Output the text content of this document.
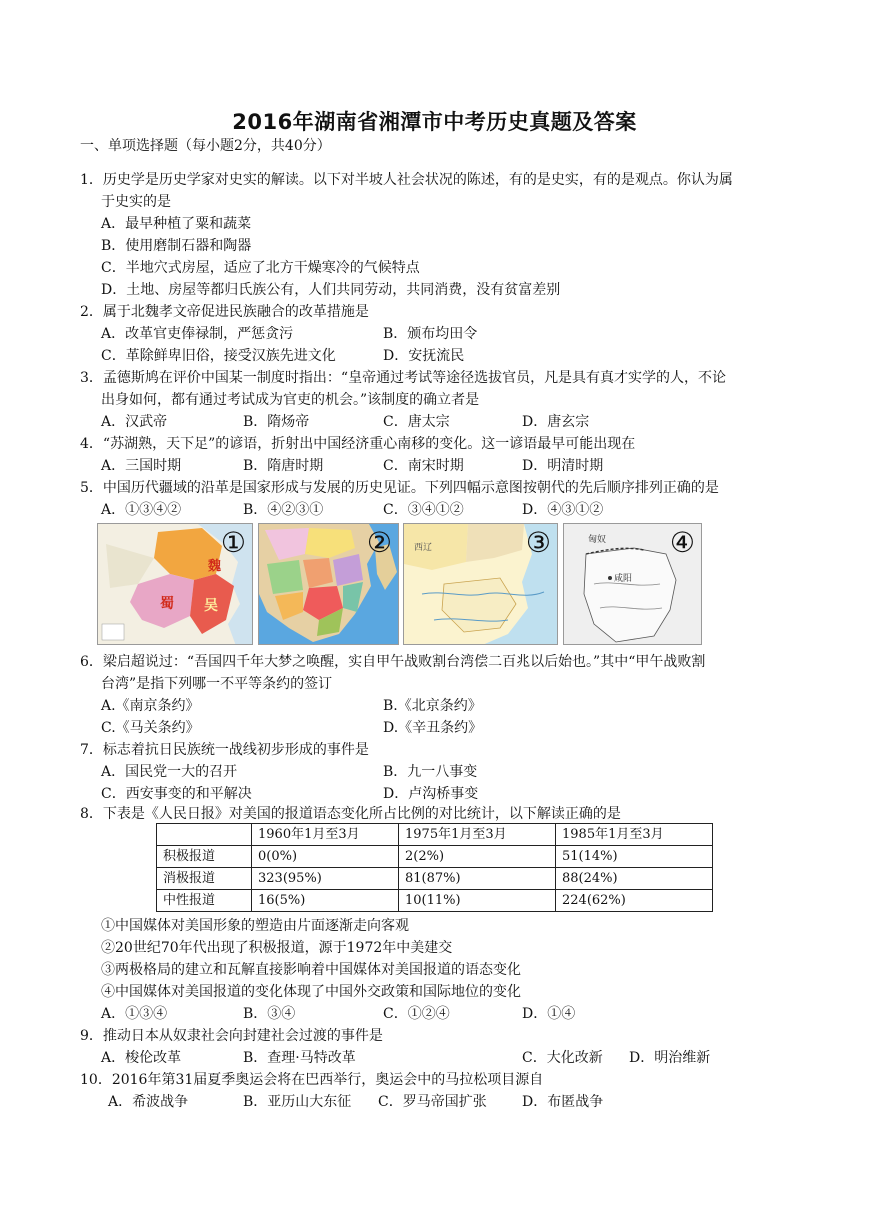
2016年湖南省湘潭市中考历史真题及答案
一、单项选择题（每小题2分，共40分）
1．历史学是历史学家对史实的解读。以下对半坡人社会状况的陈述，有的是史实，有的是观点。你认为属
于史实的是
A．最早种植了粟和蔬菜
B．使用磨制石器和陶器
C．半地穴式房屋，适应了北方干燥寒冷的气候特点
D．土地、房屋等都归氏族公有，人们共同劳动，共同消费，没有贫富差别
2．属于北魏孝文帝促进民族融合的改革措施是
A．改革官吏俸禄制，严惩贪污	B．颁布均田令
C．革除鲜卑旧俗，接受汉族先进文化	D．安抚流民
3．孟德斯鸠在评价中国某一制度时指出：“皇帝通过考试等途径选拔官员，凡是具有真才实学的人，不论
出身如何，都有通过考试成为官吏的机会。”该制度的确立者是
A．汉武帝	B．隋炀帝	C．唐太宗	D．唐玄宗
4．“苏湖熟，天下足”的谚语，折射出中国经济重心南移的变化。这一谚语最早可能出现在
A．三国时期	B．隋唐时期	C．南宋时期	D．明清时期
5．中国历代疆域的沿革是国家形成与发展的历史见证。下列四幅示意图按朝代的先后顺序排列正确的是
A．①③④②	B．④②③①	C．③④①②	D．④③①②
魏
蜀 吴
①	② 西辽	③	匈奴
咸阳
④
6．梁启超说过：“吾国四千年大梦之唤醒，实自甲午战败割台湾偿二百兆以后始也。”其中“甲午战败割
台湾”是指下列哪一不平等条约的签订
A.《南京条约》	B.《北京条约》
C.《马关条约》	D.《辛丑条约》
7．标志着抗日民族统一战线初步形成的事件是
A．国民党一大的召开	B．九一八事变
C．西安事变的和平解决	D．卢沟桥事变
8．下表是《人民日报》对美国的报道语态变化所占比例的对比统计，以下解读正确的是
	1960年1月至3月	1975年1月至3月	1985年1月至3月
积极报道	0(0%)	2(2%)	51(14%)
消极报道	323(95%)	81(87%)	88(24%)
中性报道	16(5%)	10(11%)	224(62%)
①中国媒体对美国形象的塑造由片面逐渐走向客观
②20世纪70年代出现了积极报道，源于1972年中美建交
③两极格局的建立和瓦解直接影响着中国媒体对美国报道的语态变化
④中国媒体对美国报道的变化体现了中国外交政策和国际地位的变化
A．①③④	B．③④	C．①②④	D．①④
9．推动日本从奴隶社会向封建社会过渡的事件是
A．梭伦改革	B．查理·马特改革	C．大化改新 D．明治维新
10．2016年第31届夏季奥运会将在巴西举行，奥运会中的马拉松项目源自
A．希波战争	B．亚历山大东征 C．罗马帝国扩张	D．布匿战争
